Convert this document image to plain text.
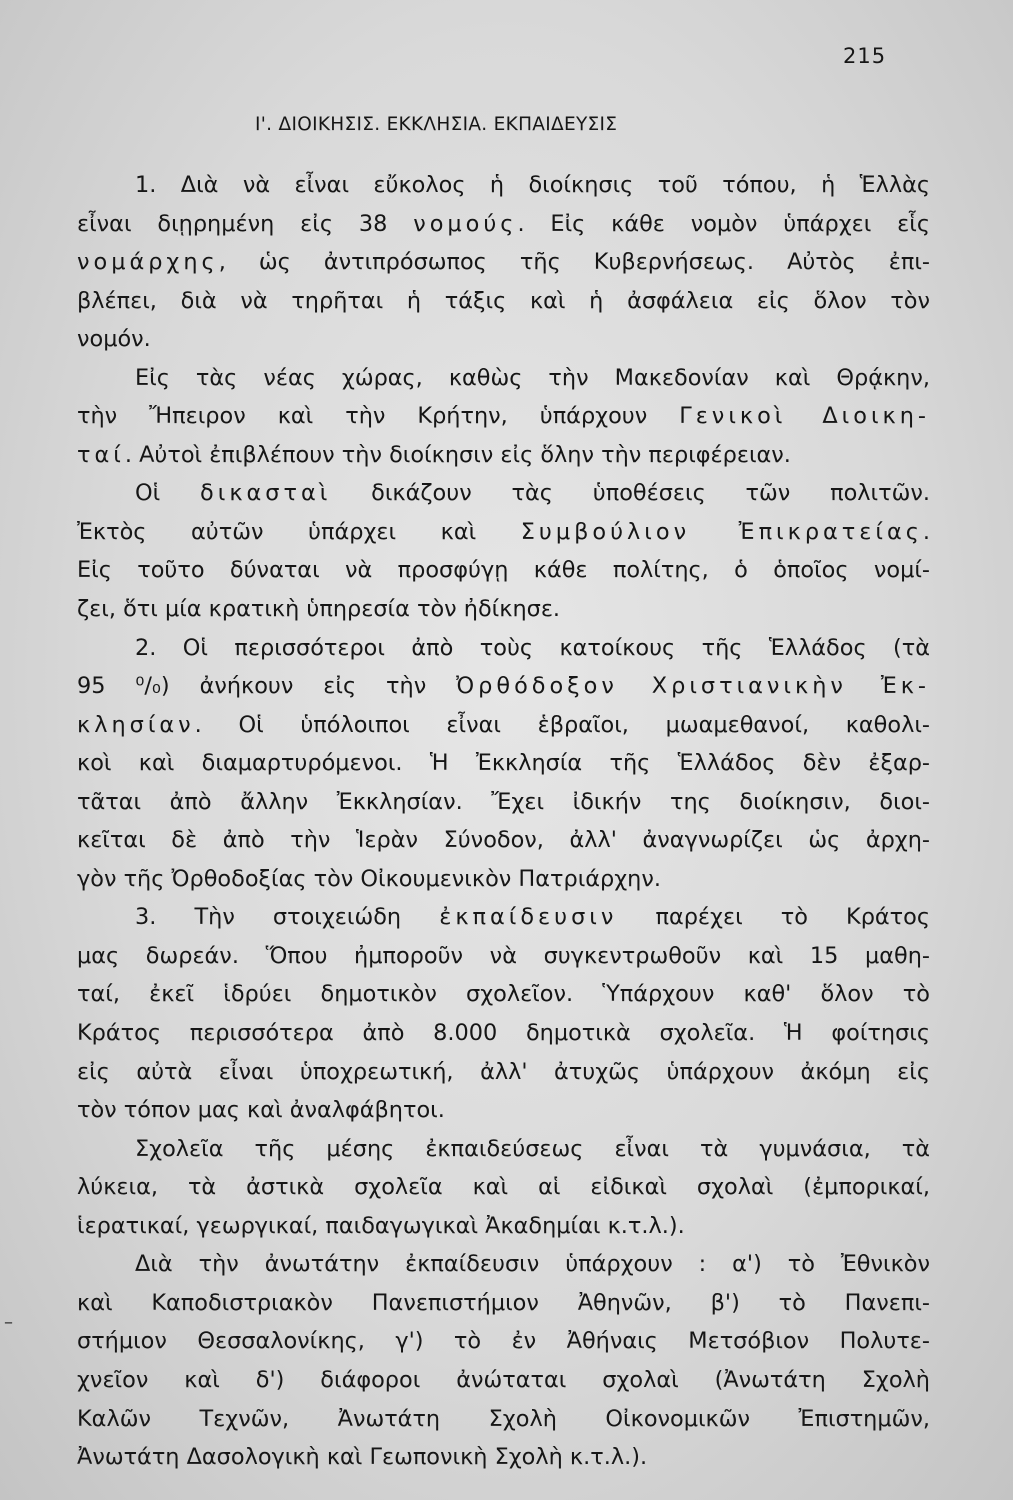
215
Ι'. ΔΙΟΙΚΗΣΙΣ. ΕΚΚΛΗΣΙΑ. ΕΚΠΑΙΔΕΥΣΙΣ
1. Διὰ νὰ εἶναι εὔκολος ἡ διοίκησις τοῦ τόπου, ἡ Ἑλλὰς
εἶναι διῃρημένη εἰς 38 νομούς. Εἰς κάθε νομὸν ὑπάρχει εἷς
νομάρχης, ὡς ἀντιπρόσωπος τῆς Κυβερνήσεως. Αὐτὸς ἐπι-
βλέπει, διὰ νὰ τηρῆται ἡ τάξις καὶ ἡ ἀσφάλεια εἰς ὅλον τὸν
νομόν.
Εἰς τὰς νέας χώρας, καθὼς τὴν Μακεδονίαν καὶ Θρᾴκην,
τὴν Ἤπειρον καὶ τὴν Κρήτην, ὑπάρχουν Γενικοὶ Διοικη-
ταί. Αὐτοὶ ἐπιβλέπουν τὴν διοίκησιν εἰς ὅλην τὴν περιφέρειαν.
Οἱ δικασταὶ δικάζουν τὰς ὑποθέσεις τῶν πολιτῶν.
Ἐκτὸς αὐτῶν ὑπάρχει καὶ Συμβούλιον Ἐπικρατείας.
Εἰς τοῦτο δύναται νὰ προσφύγῃ κάθε πολίτης, ὁ ὁποῖος νομί-
ζει, ὅτι μία κρατικὴ ὑπηρεσία τὸν ἠδίκησε.
2. Οἱ περισσότεροι ἀπὸ τοὺς κατοίκους τῆς Ἑλλάδος (τὰ
95 ⁰/₀) ἀνήκουν εἰς τὴν Ὀρθόδοξον Χριστιανικὴν Ἐκ-
κλησίαν. Οἱ ὑπόλοιποι εἶναι ἑβραῖοι, μωαμεθανοί, καθολι-
κοὶ καὶ διαμαρτυρόμενοι. Ἡ Ἐκκλησία τῆς Ἑλλάδος δὲν ἐξαρ-
τᾶται ἀπὸ ἄλλην Ἐκκλησίαν. Ἔχει ἰδικήν της διοίκησιν, διοι-
κεῖται δὲ ἀπὸ τὴν Ἱερὰν Σύνοδον, ἀλλ' ἀναγνωρίζει ὡς ἀρχη-
γὸν τῆς Ὀρθοδοξίας τὸν Οἰκουμενικὸν Πατριάρχην.
3. Τὴν στοιχειώδη ἐκπαίδευσιν παρέχει τὸ Κράτος
μας δωρεάν. Ὅπου ἠμποροῦν νὰ συγκεντρωθοῦν καὶ 15 μαθη-
ταί, ἐκεῖ ἱδρύει δημοτικὸν σχολεῖον. Ὑπάρχουν καθ' ὅλον τὸ
Κράτος περισσότερα ἀπὸ 8.000 δημοτικὰ σχολεῖα. Ἡ φοίτησις
εἰς αὐτὰ εἶναι ὑποχρεωτική, ἀλλ' ἀτυχῶς ὑπάρχουν ἀκόμη εἰς
τὸν τόπον μας καὶ ἀναλφάβητοι.
Σχολεῖα τῆς μέσης ἐκπαιδεύσεως εἶναι τὰ γυμνάσια, τὰ
λύκεια, τὰ ἀστικὰ σχολεῖα καὶ αἱ εἰδικαὶ σχολαὶ (ἐμπορικαί,
ἱερατικαί, γεωργικαί, παιδαγωγικαὶ Ἀκαδημίαι κ.τ.λ.).
Διὰ τὴν ἀνωτάτην ἐκπαίδευσιν ὑπάρχουν : α') τὸ Ἐθνικὸν
καὶ Καποδιστριακὸν Πανεπιστήμιον Ἀθηνῶν, β') τὸ Πανεπι-
στήμιον Θεσσαλονίκης, γ') τὸ ἐν Ἀθήναις Μετσόβιον Πολυτε-
χνεῖον καὶ δ') διάφοροι ἀνώταται σχολαὶ (Ἀνωτάτη Σχολὴ
Καλῶν Τεχνῶν, Ἀνωτάτη Σχολὴ Οἰκονομικῶν Ἐπιστημῶν,
Ἀνωτάτη Δασολογικὴ καὶ Γεωπονικὴ Σχολὴ κ.τ.λ.).
–
